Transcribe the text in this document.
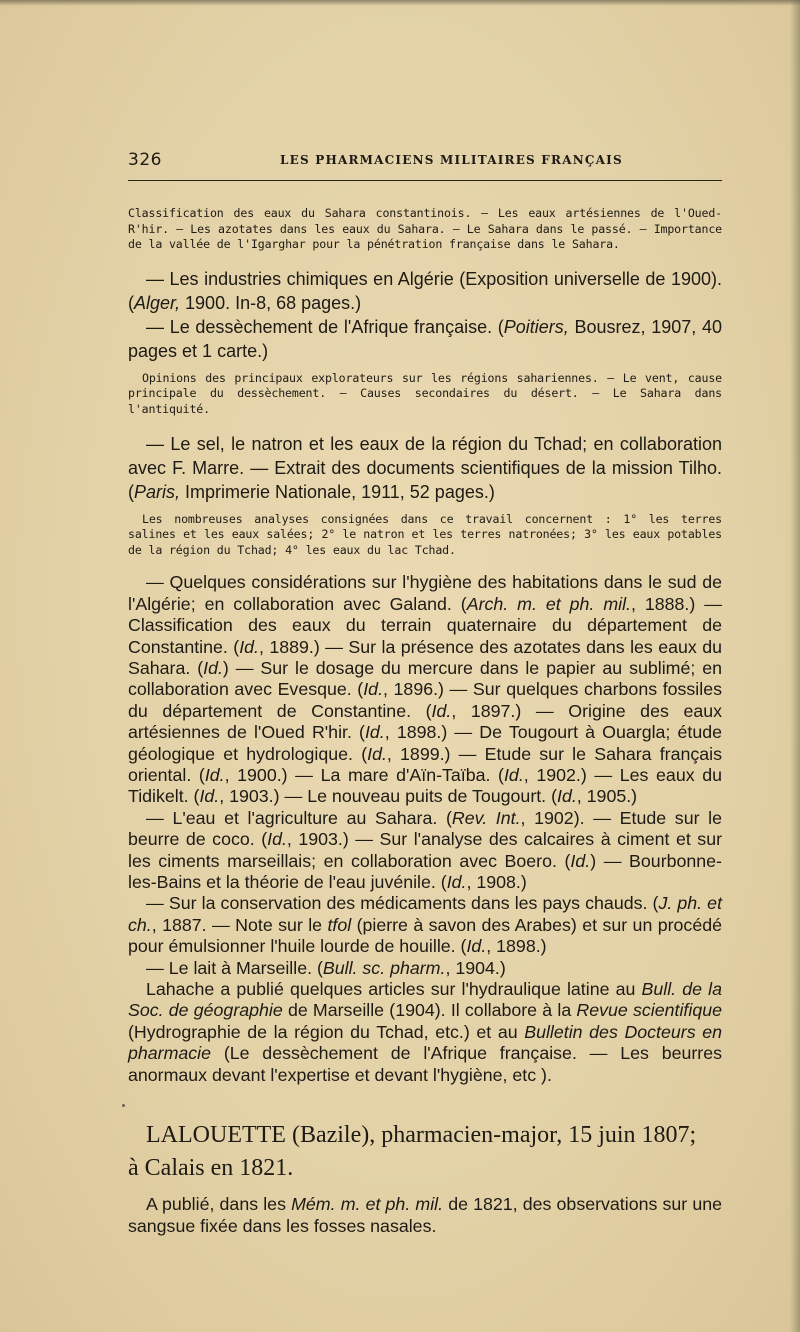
326	LES PHARMACIENS MILITAIRES FRANÇAIS

Classification des eaux du Sahara constantinois. — Les eaux artésiennes de l'Oued-R'hir. — Les azotates dans les eaux du Sahara. — Le Sahara dans le passé. — Importance de la vallée de l'Igarghar pour la pénétration française dans le Sahara.

— Les industries chimiques en Algérie (Exposition universelle de 1900). (Alger, 1900. In-8, 68 pages.)

— Le dessèchement de l'Afrique française. (Poitiers, Bousrez, 1907, 40 pages et 1 carte.)

Opinions des principaux explorateurs sur les régions sahariennes. — Le vent, cause principale du dessèchement. — Causes secondaires du désert. — Le Sahara dans l'antiquité.

— Le sel, le natron et les eaux de la région du Tchad; en collaboration avec F. Marre. — Extrait des documents scientifiques de la mission Tilho. (Paris, Imprimerie Nationale, 1911, 52 pages.)

Les nombreuses analyses consignées dans ce travail concernent : 1° les terres salines et les eaux salées; 2° le natron et les terres natronées; 3° les eaux potables de la région du Tchad; 4° les eaux du lac Tchad.

— Quelques considérations sur l'hygiène des habitations dans le sud de l'Algérie; en collaboration avec Galand. (Arch. m. et ph. mil., 1888.) — Classification des eaux du terrain quaternaire du département de Constantine. (Id., 1889.) — Sur la présence des azotates dans les eaux du Sahara. (Id.) — Sur le dosage du mercure dans le papier au sublimé; en collaboration avec Evesque. (Id., 1896.) — Sur quelques charbons fossiles du département de Constantine. (Id., 1897.) — Origine des eaux artésiennes de l'Oued R'hir. (Id., 1898.) — De Tougourt à Ouargla; étude géologique et hydrologique. (Id., 1899.) — Etude sur le Sahara français oriental. (Id., 1900.) — La mare d'Aïn-Taïba. (Id., 1902.) — Les eaux du Tidikelt. (Id., 1903.) — Le nouveau puits de Tougourt. (Id., 1905.)

— L'eau et l'agriculture au Sahara. (Rev. Int., 1902). — Etude sur le beurre de coco. (Id., 1903.) — Sur l'analyse des calcaires à ciment et sur les ciments marseillais; en collaboration avec Boero. (Id.) — Bourbonne-les-Bains et la théorie de l'eau juvénile. (Id., 1908.)

— Sur la conservation des médicaments dans les pays chauds. (J. ph. et ch., 1887. — Note sur le tfol (pierre à savon des Arabes) et sur un procédé pour émulsionner l'huile lourde de houille. (Id., 1898.)

— Le lait à Marseille. (Bull. sc. pharm., 1904.)

Lahache a publié quelques articles sur l'hydraulique latine au Bull. de la Soc. de géographie de Marseille (1904). Il collabore à la Revue scientifique (Hydrographie de la région du Tchad, etc.) et au Bulletin des Docteurs en pharmacie (Le dessèchement de l'Afrique française. — Les beurres anormaux devant l'expertise et devant l'hygiène, etc ).

LALOUETTE (Bazile), pharmacien-major, 15 juin 1807;

à Calais en 1821.

A publié, dans les Mém. m. et ph. mil. de 1821, des observations sur une sangsue fixée dans les fosses nasales.
